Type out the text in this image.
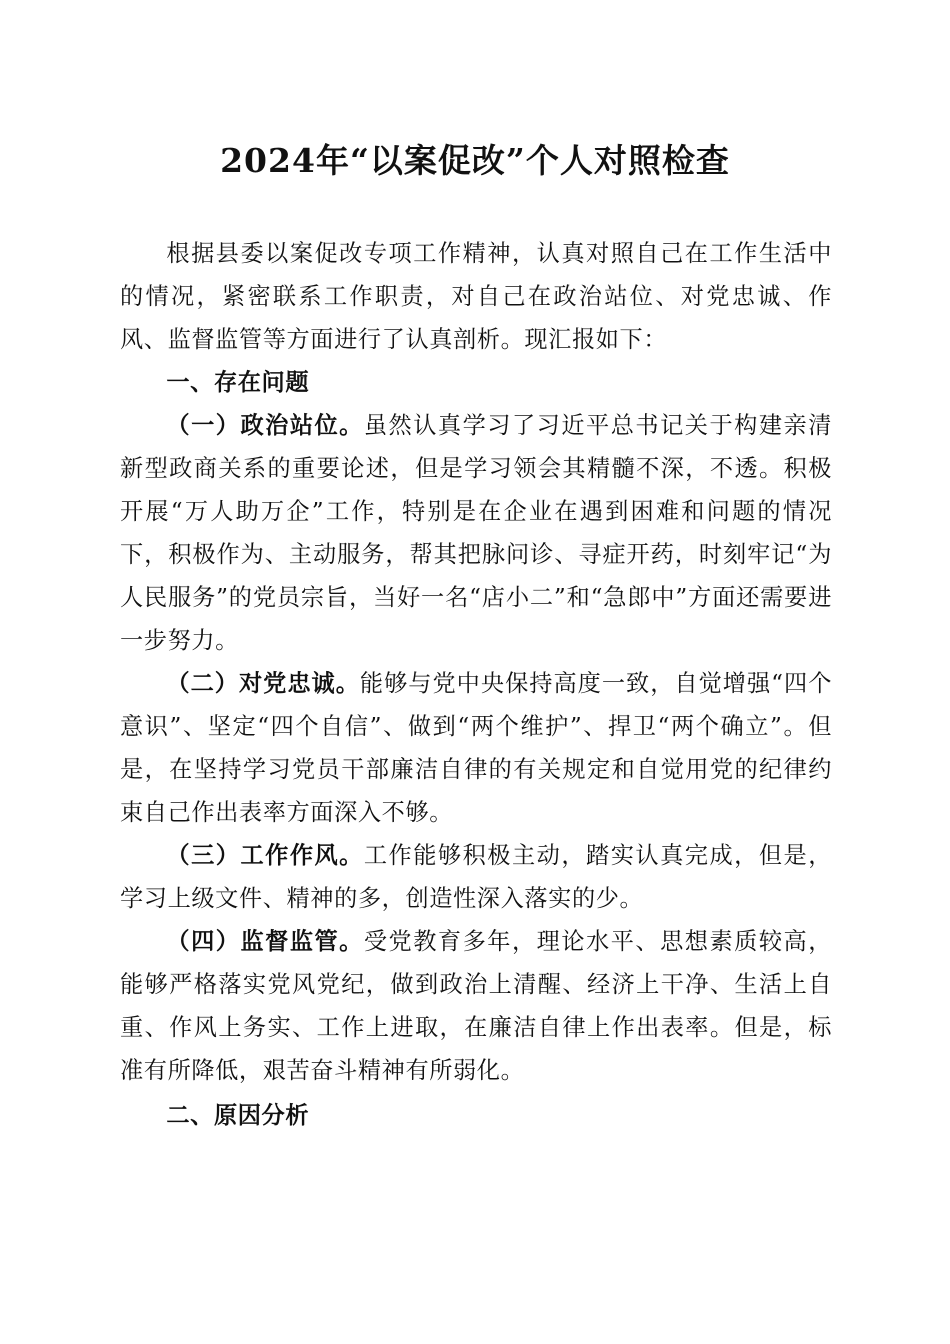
2024年“以案促改”个人对照检查

根据县委以案促改专项工作精神，认真对照自己在工作生活中的情况，紧密联系工作职责，对自己在政治站位、对党忠诚、作风、监督监管等方面进行了认真剖析。现汇报如下：

一、存在问题

（一）政治站位。虽然认真学习了习近平总书记关于构建亲清新型政商关系的重要论述，但是学习领会其精髓不深，不透。积极开展“万人助万企”工作，特别是在企业在遇到困难和问题的情况下，积极作为、主动服务，帮其把脉问诊、寻症开药，时刻牢记“为人民服务”的党员宗旨，当好一名“店小二”和“急郎中”方面还需要进一步努力。

（二）对党忠诚。能够与党中央保持高度一致，自觉增强“四个意识”、坚定“四个自信”、做到“两个维护”、捍卫“两个确立”。但是，在坚持学习党员干部廉洁自律的有关规定和自觉用党的纪律约束自己作出表率方面深入不够。

（三）工作作风。工作能够积极主动，踏实认真完成，但是，学习上级文件、精神的多，创造性深入落实的少。

（四）监督监管。受党教育多年，理论水平、思想素质较高，能够严格落实党风党纪，做到政治上清醒、经济上干净、生活上自重、作风上务实、工作上进取，在廉洁自律上作出表率。但是，标准有所降低，艰苦奋斗精神有所弱化。

二、原因分析
